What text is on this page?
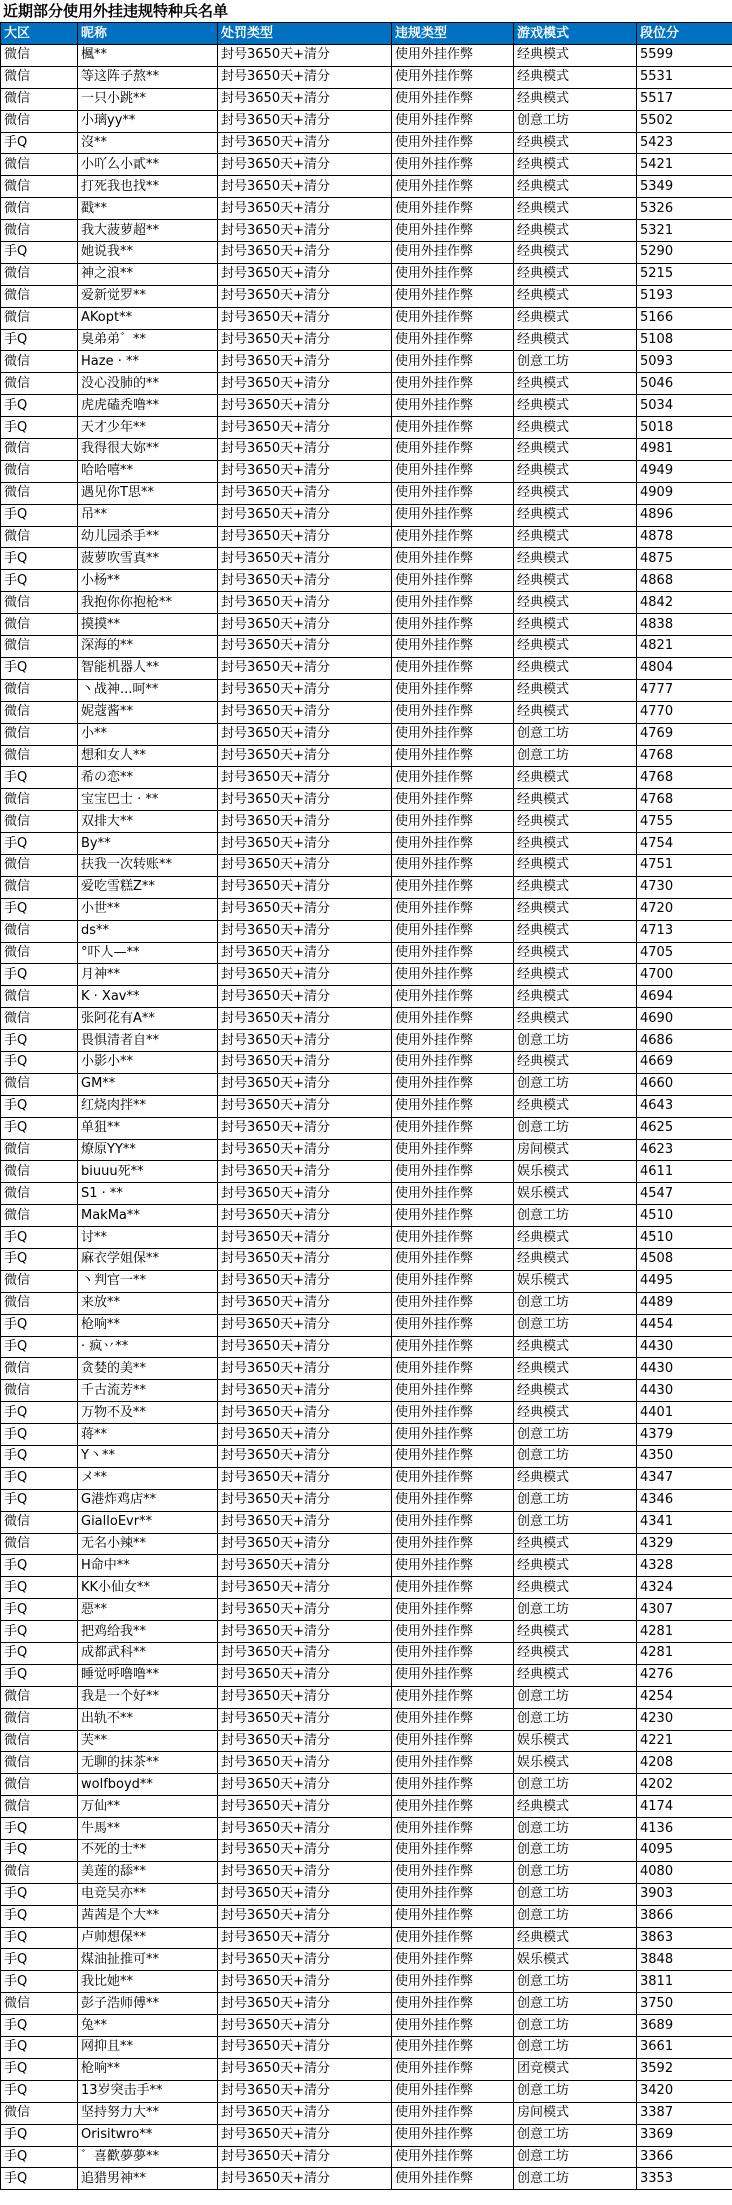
近期部分使用外挂违规特种兵名单
大区	昵称	处罚类型	违规类型	游戏模式	段位分
微信	楓**	封号3650天+清分	使用外挂作弊	经典模式	5599
微信	等这阵子熬**	封号3650天+清分	使用外挂作弊	经典模式	5531
微信	一只小跳**	封号3650天+清分	使用外挂作弊	经典模式	5517
微信	小璃yy**	封号3650天+清分	使用外挂作弊	创意工坊	5502
手Q	沒**	封号3650天+清分	使用外挂作弊	经典模式	5423
微信	小吖么小貳**	封号3650天+清分	使用外挂作弊	经典模式	5421
微信	打死我也找**	封号3650天+清分	使用外挂作弊	经典模式	5349
微信	戳**	封号3650天+清分	使用外挂作弊	经典模式	5326
微信	我大菠萝超**	封号3650天+清分	使用外挂作弊	经典模式	5321
手Q	她说我**	封号3650天+清分	使用外挂作弊	经典模式	5290
微信	神之浪**	封号3650天+清分	使用外挂作弊	经典模式	5215
微信	爱新觉罗**	封号3650天+清分	使用外挂作弊	经典模式	5193
微信	AKopt**	封号3650天+清分	使用外挂作弊	经典模式	5166
手Q	臭弟弟゛**	封号3650天+清分	使用外挂作弊	经典模式	5108
微信	Haze · **	封号3650天+清分	使用外挂作弊	创意工坊	5093
微信	没心没肺的**	封号3650天+清分	使用外挂作弊	经典模式	5046
手Q	虎虎磕秃噜**	封号3650天+清分	使用外挂作弊	经典模式	5034
手Q	天才少年**	封号3650天+清分	使用外挂作弊	经典模式	5018
微信	我得很大妳**	封号3650天+清分	使用外挂作弊	经典模式	4981
微信	哈哈嘻**	封号3650天+清分	使用外挂作弊	经典模式	4949
微信	遇见你T思**	封号3650天+清分	使用外挂作弊	经典模式	4909
手Q	吊**	封号3650天+清分	使用外挂作弊	经典模式	4896
微信	幼儿园杀手**	封号3650天+清分	使用外挂作弊	经典模式	4878
手Q	菠萝吹雪真**	封号3650天+清分	使用外挂作弊	经典模式	4875
手Q	小杨**	封号3650天+清分	使用外挂作弊	经典模式	4868
微信	我抱你你抱枪**	封号3650天+清分	使用外挂作弊	经典模式	4842
微信	摸摸**	封号3650天+清分	使用外挂作弊	经典模式	4838
微信	深海的**	封号3650天+清分	使用外挂作弊	经典模式	4821
手Q	智能机器人**	封号3650天+清分	使用外挂作弊	经典模式	4804
微信	丶战神...呵**	封号3650天+清分	使用外挂作弊	经典模式	4777
微信	妮蔻酱**	封号3650天+清分	使用外挂作弊	经典模式	4770
微信	小**	封号3650天+清分	使用外挂作弊	创意工坊	4769
微信	想和女人**	封号3650天+清分	使用外挂作弊	创意工坊	4768
手Q	希の恋**	封号3650天+清分	使用外挂作弊	经典模式	4768
微信	宝宝巴士 · **	封号3650天+清分	使用外挂作弊	经典模式	4768
微信	双排大**	封号3650天+清分	使用外挂作弊	经典模式	4755
手Q	By**	封号3650天+清分	使用外挂作弊	经典模式	4754
微信	扶我一次转账**	封号3650天+清分	使用外挂作弊	经典模式	4751
微信	爱吃雪糕Z**	封号3650天+清分	使用外挂作弊	经典模式	4730
手Q	小世**	封号3650天+清分	使用外挂作弊	经典模式	4720
微信	ds**	封号3650天+清分	使用外挂作弊	经典模式	4713
微信	°吓人—**	封号3650天+清分	使用外挂作弊	经典模式	4705
手Q	月神**	封号3650天+清分	使用外挂作弊	经典模式	4700
微信	K · Xav**	封号3650天+清分	使用外挂作弊	经典模式	4694
微信	张阿花有A**	封号3650天+清分	使用外挂作弊	经典模式	4690
手Q	畏惧清者自**	封号3650天+清分	使用外挂作弊	创意工坊	4686
手Q	小影小**	封号3650天+清分	使用外挂作弊	经典模式	4669
微信	GM**	封号3650天+清分	使用外挂作弊	创意工坊	4660
手Q	红烧肉拌**	封号3650天+清分	使用外挂作弊	经典模式	4643
手Q	单狙**	封号3650天+清分	使用外挂作弊	创意工坊	4625
微信	燎原YY**	封号3650天+清分	使用外挂作弊	房间模式	4623
微信	biuuu死**	封号3650天+清分	使用外挂作弊	娱乐模式	4611
微信	S1 · **	封号3650天+清分	使用外挂作弊	娱乐模式	4547
微信	MakMa**	封号3650天+清分	使用外挂作弊	创意工坊	4510
手Q	讨**	封号3650天+清分	使用外挂作弊	经典模式	4510
手Q	麻衣学姐保**	封号3650天+清分	使用外挂作弊	经典模式	4508
微信	丶判官一**	封号3650天+清分	使用外挂作弊	娱乐模式	4495
微信	来放**	封号3650天+清分	使用外挂作弊	创意工坊	4489
手Q	枪响**	封号3650天+清分	使用外挂作弊	创意工坊	4454
手Q	· 疯丷**	封号3650天+清分	使用外挂作弊	经典模式	4430
微信	贪婪的美**	封号3650天+清分	使用外挂作弊	经典模式	4430
微信	千古流芳**	封号3650天+清分	使用外挂作弊	经典模式	4430
手Q	万物不及**	封号3650天+清分	使用外挂作弊	经典模式	4401
手Q	蒋**	封号3650天+清分	使用外挂作弊	创意工坊	4379
手Q	Y丶**	封号3650天+清分	使用外挂作弊	创意工坊	4350
手Q	メ**	封号3650天+清分	使用外挂作弊	经典模式	4347
手Q	G港炸鸡店**	封号3650天+清分	使用外挂作弊	创意工坊	4346
微信	GialloEvr**	封号3650天+清分	使用外挂作弊	创意工坊	4341
微信	无名小辣**	封号3650天+清分	使用外挂作弊	经典模式	4329
手Q	H命中**	封号3650天+清分	使用外挂作弊	经典模式	4328
手Q	KK小仙女**	封号3650天+清分	使用外挂作弊	经典模式	4324
手Q	惡**	封号3650天+清分	使用外挂作弊	创意工坊	4307
手Q	把鸡给我**	封号3650天+清分	使用外挂作弊	经典模式	4281
手Q	成都武科**	封号3650天+清分	使用外挂作弊	经典模式	4281
手Q	睡觉呼噜噜**	封号3650天+清分	使用外挂作弊	经典模式	4276
微信	我是一个好**	封号3650天+清分	使用外挂作弊	创意工坊	4254
微信	出轨不**	封号3650天+清分	使用外挂作弊	创意工坊	4230
微信	芙**	封号3650天+清分	使用外挂作弊	娱乐模式	4221
微信	无聊的抹茶**	封号3650天+清分	使用外挂作弊	娱乐模式	4208
微信	wolfboyd**	封号3650天+清分	使用外挂作弊	创意工坊	4202
微信	万仙**	封号3650天+清分	使用外挂作弊	经典模式	4174
手Q	牛馬**	封号3650天+清分	使用外挂作弊	创意工坊	4136
手Q	不死的士**	封号3650天+清分	使用外挂作弊	创意工坊	4095
微信	美莲的舔**	封号3650天+清分	使用外挂作弊	创意工坊	4080
手Q	电竞吴亦**	封号3650天+清分	使用外挂作弊	创意工坊	3903
手Q	茜茜是个大**	封号3650天+清分	使用外挂作弊	创意工坊	3866
手Q	卢帅想保**	封号3650天+清分	使用外挂作弊	经典模式	3863
手Q	煤油扯推可**	封号3650天+清分	使用外挂作弊	娱乐模式	3848
手Q	我比她**	封号3650天+清分	使用外挂作弊	创意工坊	3811
微信	彭子浩师傅**	封号3650天+清分	使用外挂作弊	创意工坊	3750
手Q	兔**	封号3650天+清分	使用外挂作弊	创意工坊	3689
手Q	网抑且**	封号3650天+清分	使用外挂作弊	创意工坊	3661
手Q	枪响**	封号3650天+清分	使用外挂作弊	团竞模式	3592
手Q	13岁突击手**	封号3650天+清分	使用外挂作弊	创意工坊	3420
微信	坚持努力大**	封号3650天+清分	使用外挂作弊	房间模式	3387
手Q	Orisitwro**	封号3650天+清分	使用外挂作弊	创意工坊	3369
手Q	゛喜歡夢夢**	封号3650天+清分	使用外挂作弊	创意工坊	3366
手Q	追猎男神**	封号3650天+清分	使用外挂作弊	创意工坊	3353
